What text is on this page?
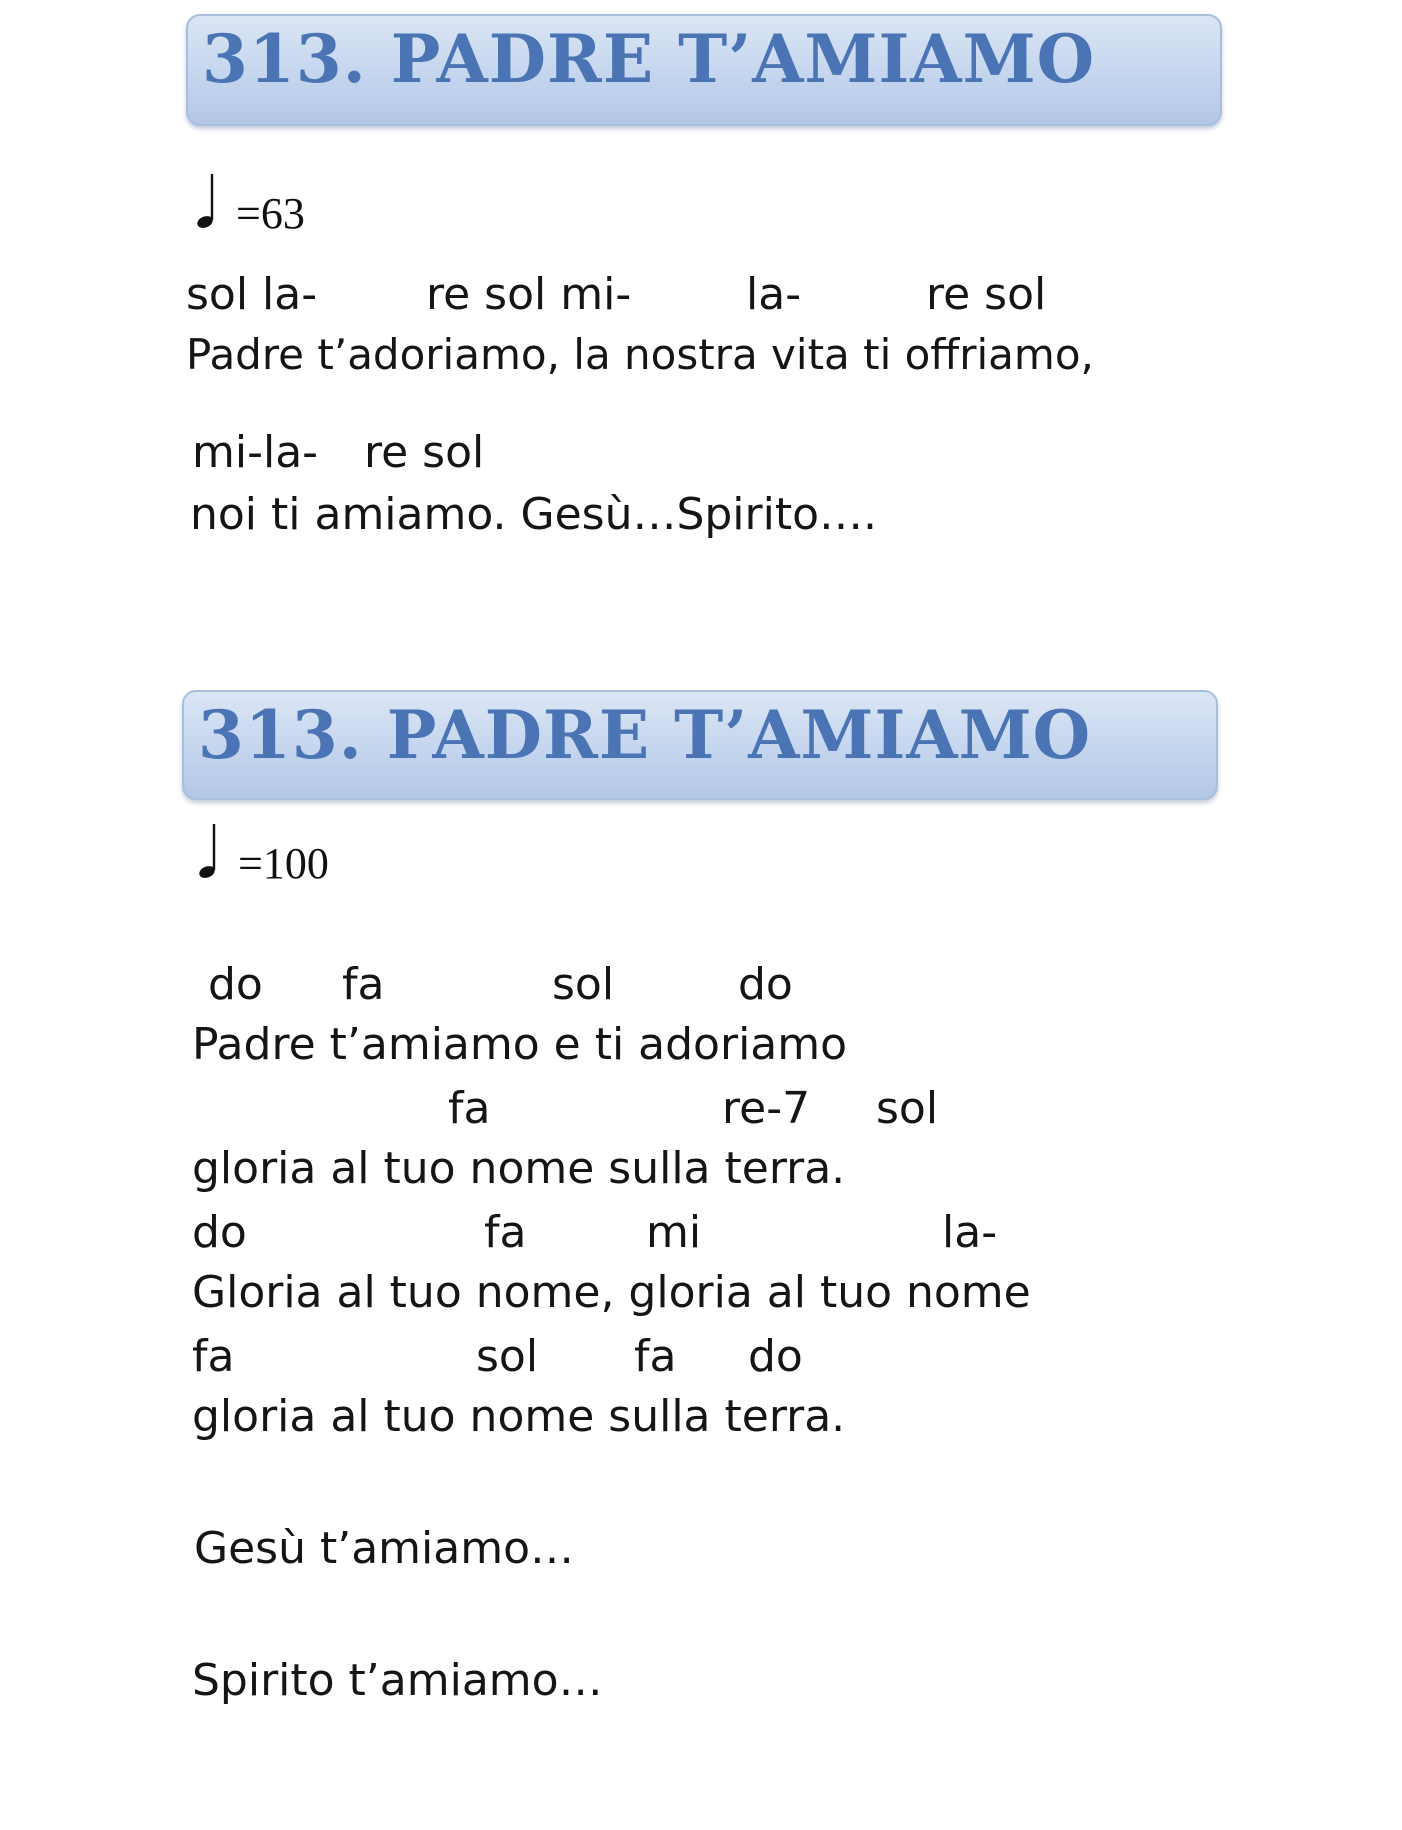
313. PADRE T’AMIAMO
=63
sol la- re sol mi-	la-	re sol
Padre t’adoriamo, la nostra vita ti offriamo,
mi-la- re sol
noi ti amiamo. Gesù…Spirito….
313. PADRE T’AMIAMO
=100
do fa	sol	do
Padre t’amiamo e ti adoriamo
fa	re-7 sol
gloria al tuo nome sulla terra.
do	fa	mi	la-
Gloria al tuo nome, gloria al tuo nome
fa	sol fa do
gloria al tuo nome sulla terra.
Gesù t’amiamo…
Spirito t’amiamo…
